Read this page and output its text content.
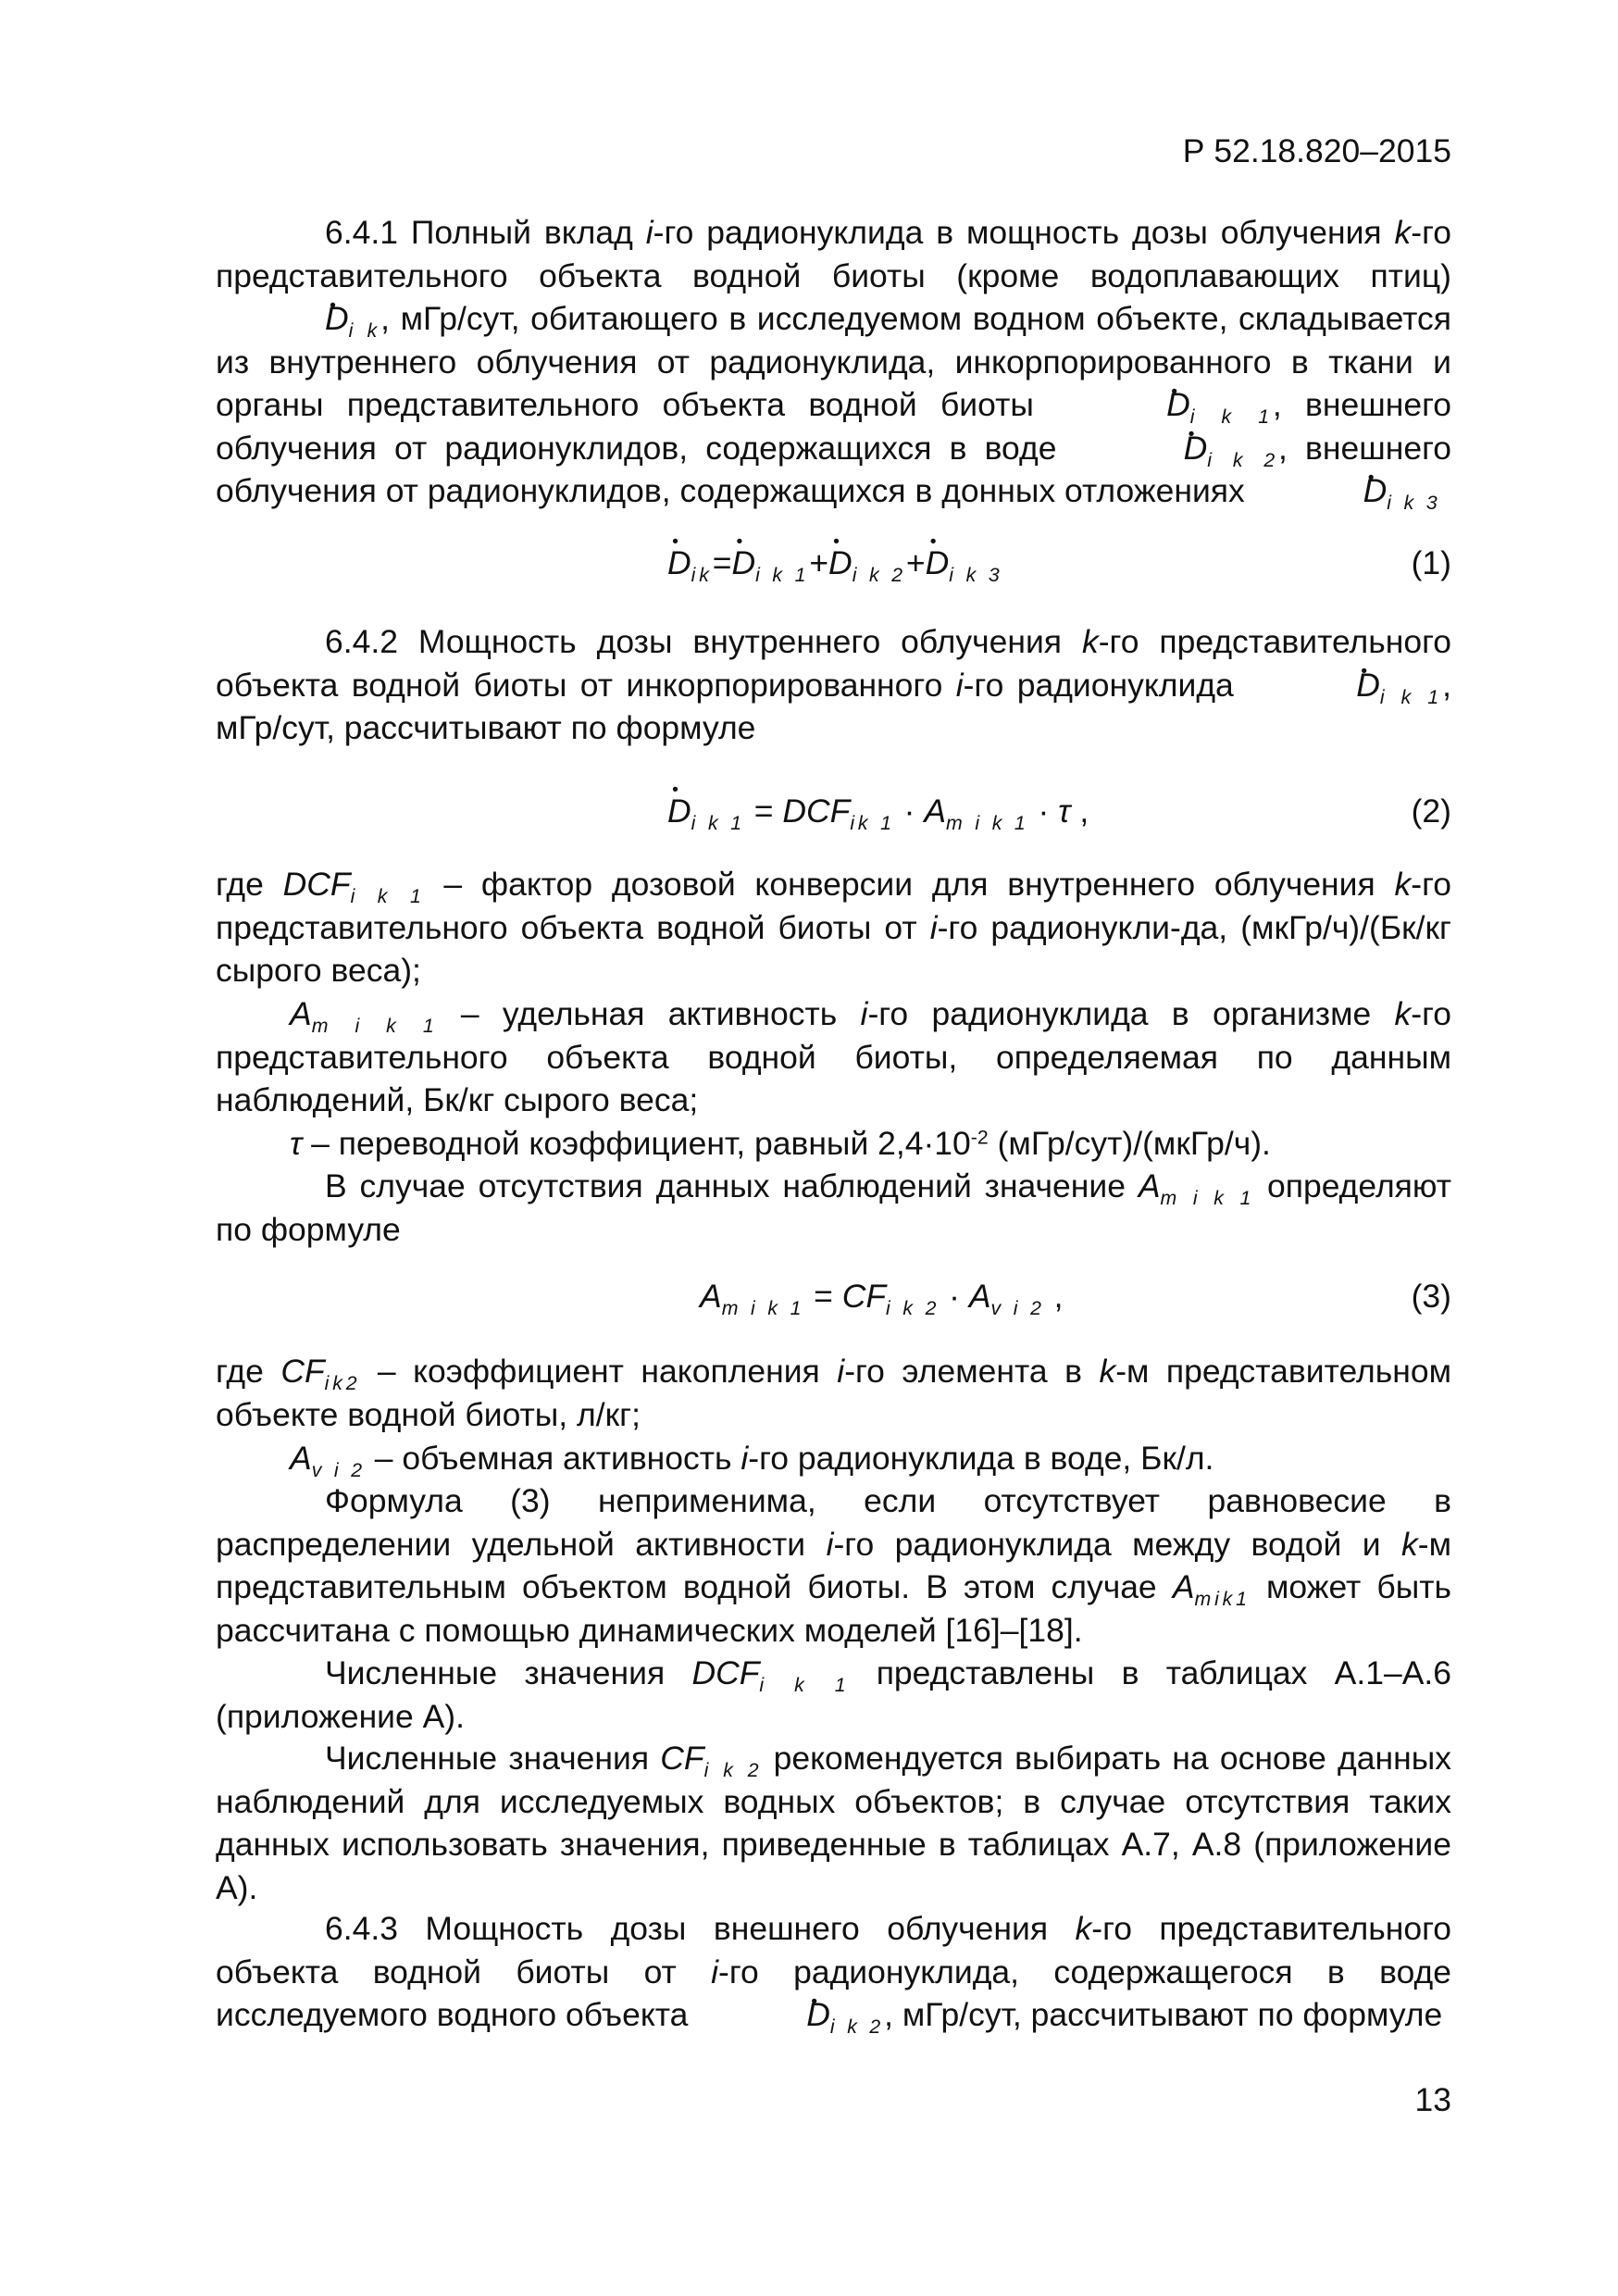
Р 52.18.820–2015

6.4.1 Полный вклад i-го радионуклида в мощность дозы облучения k-го представительного объекта водной биоты (кроме водоплавающих птиц) • $D_{i k}$, мГр/сут, обитающего в исследуемом водном объекте, складывается из внутреннего облучения от радионуклида, инкорпорированного в ткани и органы представительного объекта водной биоты	• $D_{i k 1}$, внешнего облучения от радионуклидов, содержащихся в воде	• $D_{i k 2}$, внешнего облучения от радионуклидов, содержащихся в донных отложениях	• $D_{i k 3}$

• $D_{ik}=•$ $D_{i k 1}+•$ $D_{i k 2}+•$ $D_{i k 3}$	(1)

6.4.2 Мощность дозы внутреннего облучения k-го представительного объекта водной биоты от инкорпорированного i-го радионуклида	• $D_{i k 1}$, мГр/сут, рассчитывают по формуле

• $D_{i k 1} = DCF_{ik 1} \cdot A_{m i k 1} \cdot \tau$ ,	(2)

где $DCF_{i k 1}$ – фактор дозовой конверсии для внутреннего облучения k-го представительного объекта водной биоты от i-го радионукли-да, (мкГр/ч)/(Бк/кг сырого веса);

$A_{m i k 1}$ – удельная активность i-го радионуклида в организме k-го представительного объекта водной биоты, определяемая по данным наблюдений, Бк/кг сырого веса;

τ – переводной коэффициент, равный $2,4\cdot 10^{-2}$ (мГр/сут)/(мкГр/ч).

В случае отсутствия данных наблюдений значение $A_{m i k 1}$ определяют по формуле

$A_{m i k 1} = CF_{i k 2} \cdot A_{v i 2}$ ,	(3)

где $CF_{ik2}$ – коэффициент накопления i-го элемента в k-м представительном объекте водной биоты, л/кг;

$A_{v i 2}$ – объемная активность i-го радионуклида в воде, Бк/л.

Формула (3) неприменима, если отсутствует равновесие в распределении удельной активности i-го радионуклида между водой и k-м представительным объектом водной биоты. В этом случае $A_{mik1}$ может быть рассчитана с помощью динамических моделей [16]–[18].

Численные значения $DCF_{i k 1}$ представлены в таблицах А.1–А.6 (приложение А).

Численные значения $CF_{i k 2}$ рекомендуется выбирать на основе данных наблюдений для исследуемых водных объектов; в случае отсутствия таких данных использовать значения, приведенные в таблицах А.7, А.8 (приложение А).

6.4.3 Мощность дозы внешнего облучения k-го представительного объекта водной биоты от i-го радионуклида, содержащегося в воде исследуемого водного объекта	• $D_{i k 2}$, мГр/сут, рассчитывают по формуле

13
